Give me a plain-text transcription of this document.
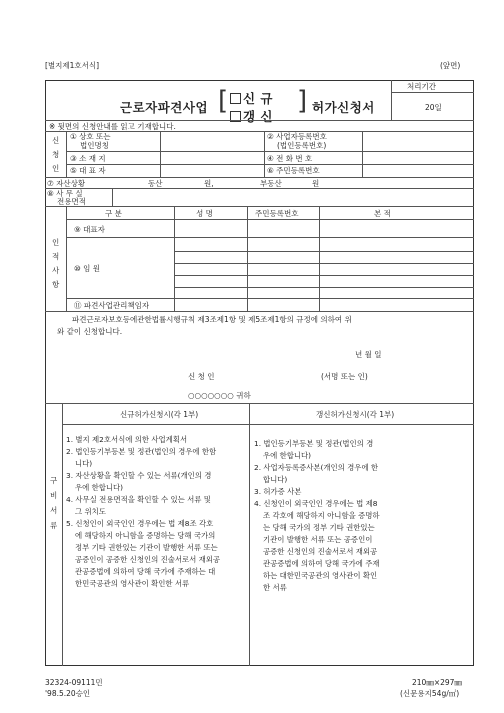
[별지제1호서식]	(앞면)
근로자파견사업 [	신 규
갱 신
] 허가신청서
처리기간
20일
※ 뒷면의 신청안내를 읽고 기재합니다.
신
청
인
① 상호 또는
법인명칭
② 사업자등록번호
(법인등록번호)
③ 소 재 지	④ 전 화 번 호
⑤ 대 표 자	⑥ 주민등록번호
⑦ 자산상황	동산	원,	부동산	원
⑧ 사 무 실
전용면적
인
적
사
항
구 분	성 명	주민등록번호	본 적
⑨ 대표자
⑩ 임 원
⑪ 파견사업관리책임자
파견근로자보호등에관한법률시행규칙 제3조제1항 및 제5조제1항의 규정에 의하여 위
와 같이 신청합니다.
년 월 일
신 청 인	(서명 또는 인)
○○○○○○○ 귀하
구
비
서
류
신규허가신청시(각 1부)	갱신허가신청시(각 1부)
1. 별지 제2호서식에 의한 사업계획서
2. 법인등기부등본 및 정관(법인의 경우에 한함
니다)
3. 자산상황을 확인할 수 있는 서류(개인의 경
우에 한합니다)
4. 사무실 전용면적을 확인할 수 있는 서류 및
그 위치도
5. 신청인이 외국인인 경우에는 법 제8조 각호
에 해당하지 아니함을 증명하는 당해 국가의
정부 기타 권한있는 기관이 발행한 서류 또는
공증인이 공증한 신청인의 진술서로서 재외공
관공증법에 의하여 당해 국가에 주재하는 대
한민국공관의 영사관이 확인한 서류
1. 법인등기부등본 및 정관(법인의 경
우에 한합니다)
2. 사업자등록증사본(개인의 경우에 한
합니다)
3. 허가증 사본
4. 신청인이 외국인인 경우에는 법 제8
조 각호에 해당하지 아니함을 증명하
는 당해 국가의 정부 기타 권한있는
기관이 발행한 서류 또는 공증인이
공증한 신청인의 진술서로서 재외공
관공증법에 의하여 당해 국가에 주재
하는 대한민국공관의 영사관이 확인
한 서류
32324-09111민
'98.5.20승인
210㎜×297㎜
(신문용지54g/㎡)
